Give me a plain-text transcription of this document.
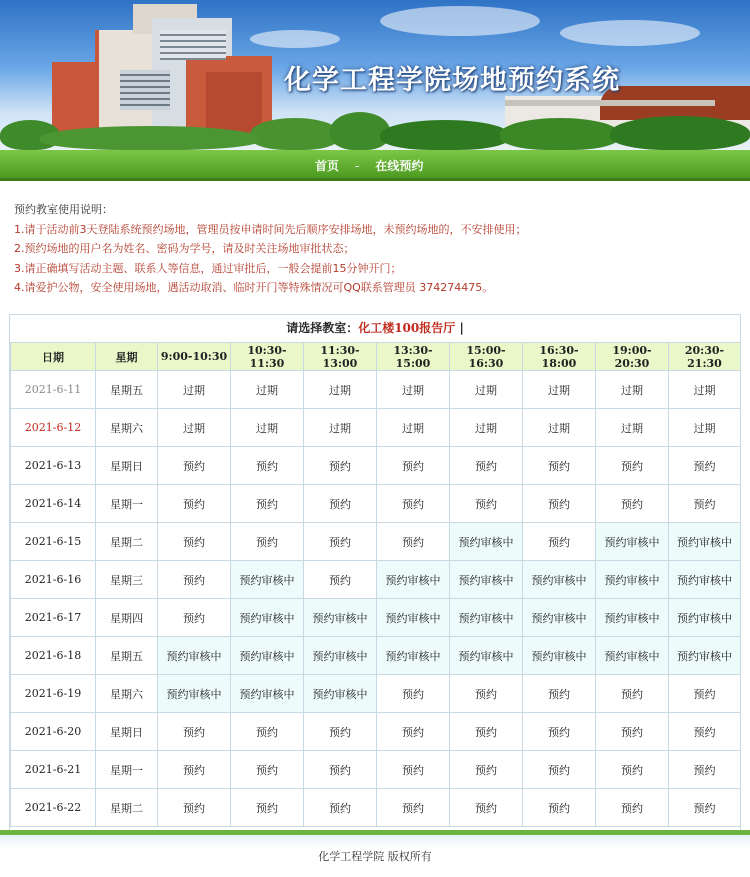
化学工程学院场地预约系统
首页 - 在线预约
预约教室使用说明：
1.请于活动前3天登陆系统预约场地，管理员按申请时间先后顺序安排场地，未预约场地的，不安排使用；
2.预约场地的用户名为姓名、密码为学号，请及时关注场地审批状态；
3.请正确填写活动主题、联系人等信息，通过审批后，一般会提前15分钟开门；
4.请爱护公物，安全使用场地，遇活动取消、临时开门等特殊情况可QQ联系管理员 374274475。
请选择教室：化工楼100报告厅 |
日期	星期	9:00-10:30	10:30-11:30	11:30-13:00	13:30-15:00	15:00-16:30	16:30-18:00	19:00-20:30	20:30-21:30
2021-6-11	星期五	过期	过期	过期	过期	过期	过期	过期	过期
2021-6-12	星期六	过期	过期	过期	过期	过期	过期	过期	过期
2021-6-13	星期日	预约	预约	预约	预约	预约	预约	预约	预约
2021-6-14	星期一	预约	预约	预约	预约	预约	预约	预约	预约
2021-6-15	星期二	预约	预约	预约	预约	预约审核中	预约	预约审核中	预约审核中
2021-6-16	星期三	预约	预约审核中	预约	预约审核中	预约审核中	预约审核中	预约审核中	预约审核中
2021-6-17	星期四	预约	预约审核中	预约审核中	预约审核中	预约审核中	预约审核中	预约审核中	预约审核中
2021-6-18	星期五	预约审核中	预约审核中	预约审核中	预约审核中	预约审核中	预约审核中	预约审核中	预约审核中
2021-6-19	星期六	预约审核中	预约审核中	预约审核中	预约	预约	预约	预约	预约
2021-6-20	星期日	预约	预约	预约	预约	预约	预约	预约	预约
2021-6-21	星期一	预约	预约	预约	预约	预约	预约	预约	预约
2021-6-22	星期二	预约	预约	预约	预约	预约	预约	预约	预约
化学工程学院 版权所有
